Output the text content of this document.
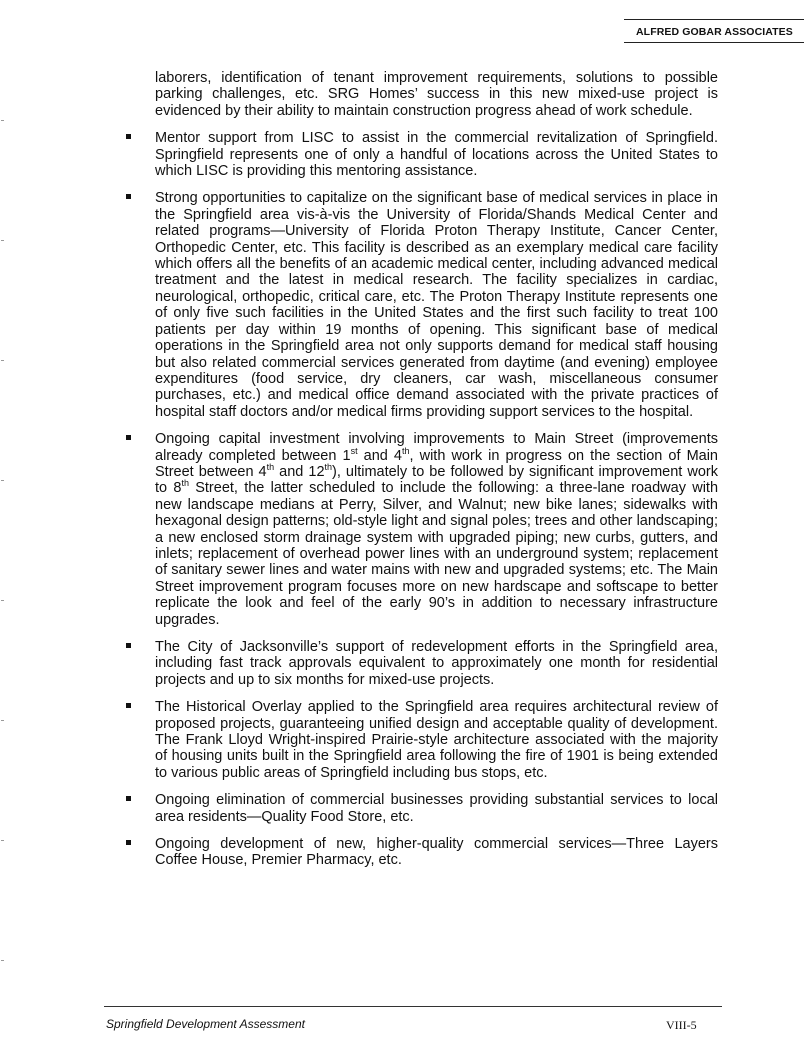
ALFRED GOBAR ASSOCIATES

laborers, identification of tenant improvement requirements, solutions to possible parking challenges, etc. SRG Homes’ success in this new mixed-use project is evidenced by their ability to maintain construction progress ahead of work schedule.

Mentor support from LISC to assist in the commercial revitalization of Springfield. Springfield represents one of only a handful of locations across the United States to which LISC is providing this mentoring assistance.
Strong opportunities to capitalize on the significant base of medical services in place in the Springfield area vis-à-vis the University of Florida/Shands Medical Center and related programs—University of Florida Proton Therapy Institute, Cancer Center, Orthopedic Center, etc. This facility is described as an exemplary medical care facility which offers all the benefits of an academic medical center, including advanced medical treatment and the latest in medical research. The facility specializes in cardiac, neurological, orthopedic, critical care, etc. The Proton Therapy Institute represents one of only five such facilities in the United States and the first such facility to treat 100 patients per day within 19 months of opening. This significant base of medical operations in the Springfield area not only supports demand for medical staff housing but also related commercial services generated from daytime (and evening) employee expenditures (food service, dry cleaners, car wash, miscellaneous consumer purchases, etc.) and medical office demand associated with the private practices of hospital staff doctors and/or medical firms providing support services to the hospital.
Ongoing capital investment involving improvements to Main Street (improvements already completed between 1st and 4th, with work in progress on the section of Main Street between 4th and 12th), ultimately to be followed by significant improvement work to 8th Street, the latter scheduled to include the following: a three-lane roadway with new landscape medians at Perry, Silver, and Walnut; new bike lanes; sidewalks with hexagonal design patterns; old-style light and signal poles; trees and other landscaping; a new enclosed storm drainage system with upgraded piping; new curbs, gutters, and inlets; replacement of overhead power lines with an underground system; replacement of sanitary sewer lines and water mains with new and upgraded systems; etc. The Main Street improvement program focuses more on new hardscape and softscape to better replicate the look and feel of the early 90’s in addition to necessary infrastructure upgrades.
The City of Jacksonville’s support of redevelopment efforts in the Springfield area, including fast track approvals equivalent to approximately one month for residential projects and up to six months for mixed-use projects.
The Historical Overlay applied to the Springfield area requires architectural review of proposed projects, guaranteeing unified design and acceptable quality of development. The Frank Lloyd Wright-inspired Prairie-style architecture associated with the majority of housing units built in the Springfield area following the fire of 1901 is being extended to various public areas of Springfield including bus stops, etc.
Ongoing elimination of commercial businesses providing substantial services to local area residents—Quality Food Store, etc.
Ongoing development of new, higher-quality commercial services—Three Layers Coffee House, Premier Pharmacy, etc.
Springfield Development Assessment	VIII-5
